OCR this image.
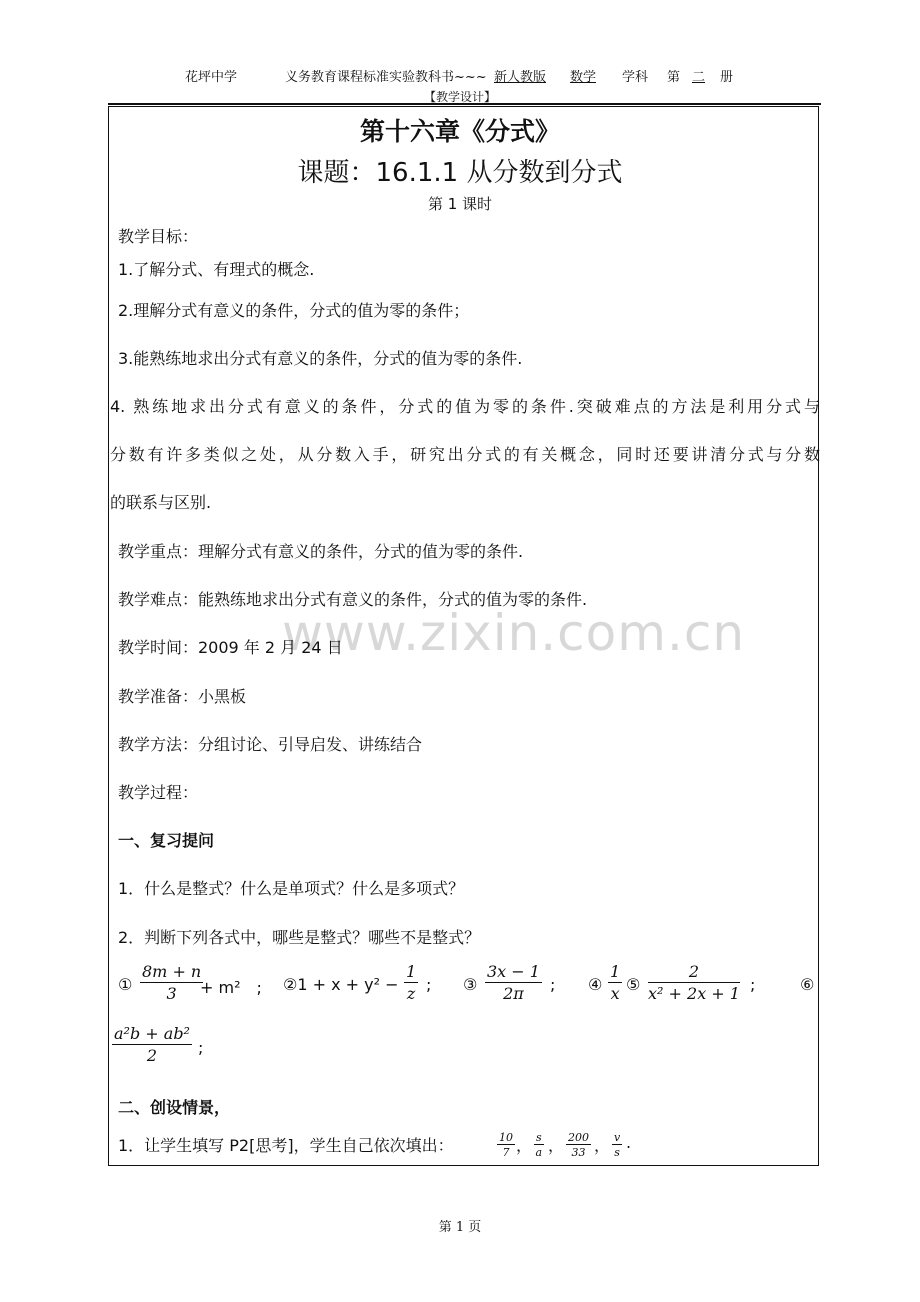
花坪中学	义务教育课程标准实验教科书~~~ 新人教版 数学 学科 第 二 册
【教学设计】
www.zixin.com.cn
第十六章《分式》
课题：16.1.1 从分数到分式
第 1 课时
教学目标：
1.了解分式、有理式的概念.
2.理解分式有意义的条件，分式的值为零的条件；
3.能熟练地求出分式有意义的条件，分式的值为零的条件.
4. 熟练地求出分式有意义的条件，分式的值为零的条件.突破难点的方法是利用分式与
分数有许多类似之处，从分数入手，研究出分式的有关概念，同时还要讲清分式与分数
的联系与区别.
教学重点：理解分式有意义的条件，分式的值为零的条件.
教学难点：能熟练地求出分式有意义的条件，分式的值为零的条件.
教学时间：2009 年 2 月 24 日
教学准备：小黑板
教学方法：分组讨论、引导启发、讲练结合
教学过程：
一、复习提问
1．什么是整式？什么是单项式？什么是多项式？
2．判断下列各式中，哪些是整式？哪些不是整式？
① $\frac{8m + n}{3}$
+ m²　; ②1 + $x + y^2 - \frac{1}{z}$ ; ③ $\frac{3x - 1}{2\pi}$ ; ④ $\frac{1}{x}$ ⑤ $\frac{2}{\text{x² + 2x + 1}}$ ;	⑥
$\frac{\text{a²b + ab²}}{2}$ ;
二、创设情景，
1．让学生填写 P2[思考]，学生自己依次填出：	$\frac{10}{7}$ ， $\frac{s}{a}$ ， $\frac{200}{33}$ ， $\frac{v}{s}$ .
第 1 页
